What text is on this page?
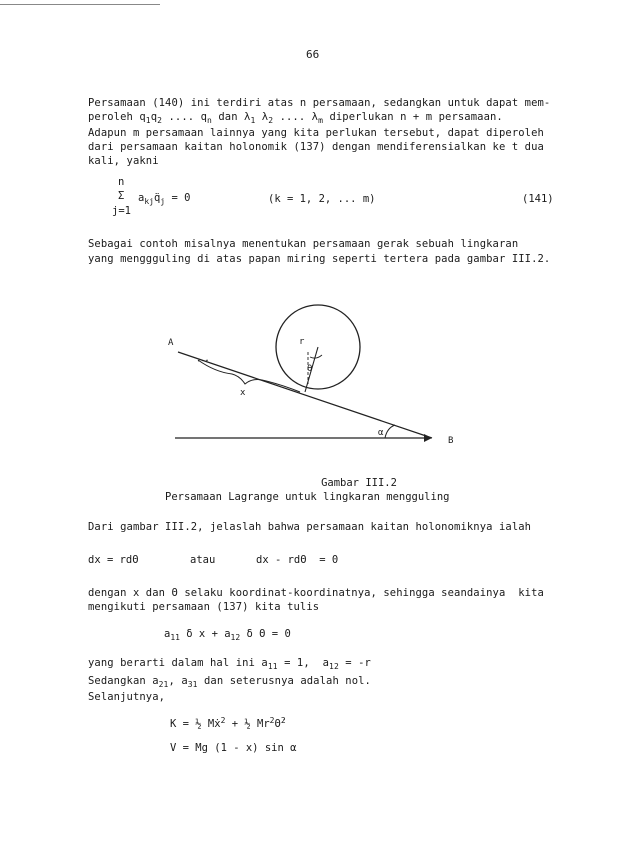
66
Persamaan (140) ini terdiri atas n persamaan, sedangkan untuk dapat mem-
peroleh $q_1q_2$ .... $q_n$ dan $\lambda_1$ $\lambda_2$ .... $\lambda_m$ diperlukan n + m persamaan.
Adapun m persamaan lainnya yang kita perlukan tersebut, dapat diperoleh
dari persamaan kaitan holonomik (137) dengan mendiferensialkan ke t dua
kali, yakni
n
Σ
j=1
$a_{kj}q̈_j = 0$	(k = 1, 2, ... m)	(141)
Sebagai contoh misalnya menentukan persamaan gerak sebuah lingkaran
yang menggguling di atas papan miring seperti tertera pada gambar III.2.
A
B
r
θ
x
α
Gambar III.2
Persamaan Lagrange untuk lingkaran mengguling
Dari gambar III.2, jelaslah bahwa persamaan kaitan holonomiknya ialah
dx = rdΘ	atau	dx - rdΘ  = 0
dengan x dan Θ selaku koordinat-koordinatnya, sehingga seandainya  kita
mengikuti persamaan (137) kita tulis
$a_{11}$ δ $x + a_{12}$ δ Θ = 0
yang berarti dalam hal ini $a_{11} = 1$,  $a_{12} = -r$
Sedangkan $a_{21}$, $a_{31}$ dan seterusnya adalah nol.
Selanjutnya,
K = ½ Mẋ$^2$ + ½ Mr$^2$Θ̇$^2$
V = Mg (1 - x) sin α
